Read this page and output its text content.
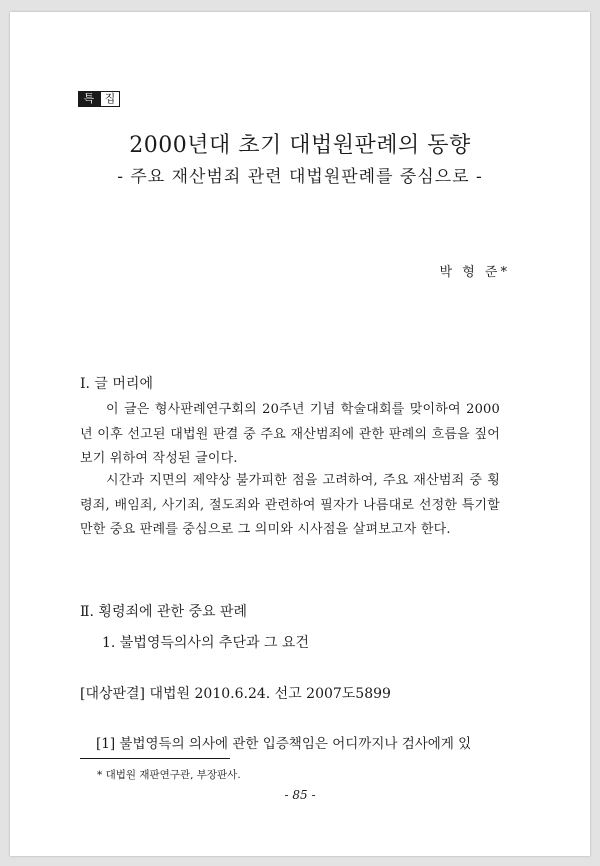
특 집
2000년대 초기 대법원판례의 동향
- 주요 재산범죄 관련 대법원판례를 중심으로 -
박 형 준*
Ⅰ. 글 머리에
이 글은 형사판례연구회의 20주년 기념 학술대회를 맞이하여 2000년 이후 선고된 대법원 판결 중 주요 재산범죄에 관한 판례의 흐름을 짚어보기 위하여 작성된 글이다.
시간과 지면의 제약상 불가피한 점을 고려하여, 주요 재산범죄 중 횡령죄, 배임죄, 사기죄, 절도죄와 관련하여 필자가 나름대로 선정한 특기할 만한 중요 판례를 중심으로 그 의미와 시사점을 살펴보고자 한다.
Ⅱ. 횡령죄에 관한 중요 판례
1. 불법영득의사의 추단과 그 요건
[대상판결] 대법원 2010.6.24. 선고 2007도5899
[1] 불법영득의 의사에 관한 입증책임은 어디까지나 검사에게 있
* 대법원 재판연구관, 부장판사.
- 85 -
